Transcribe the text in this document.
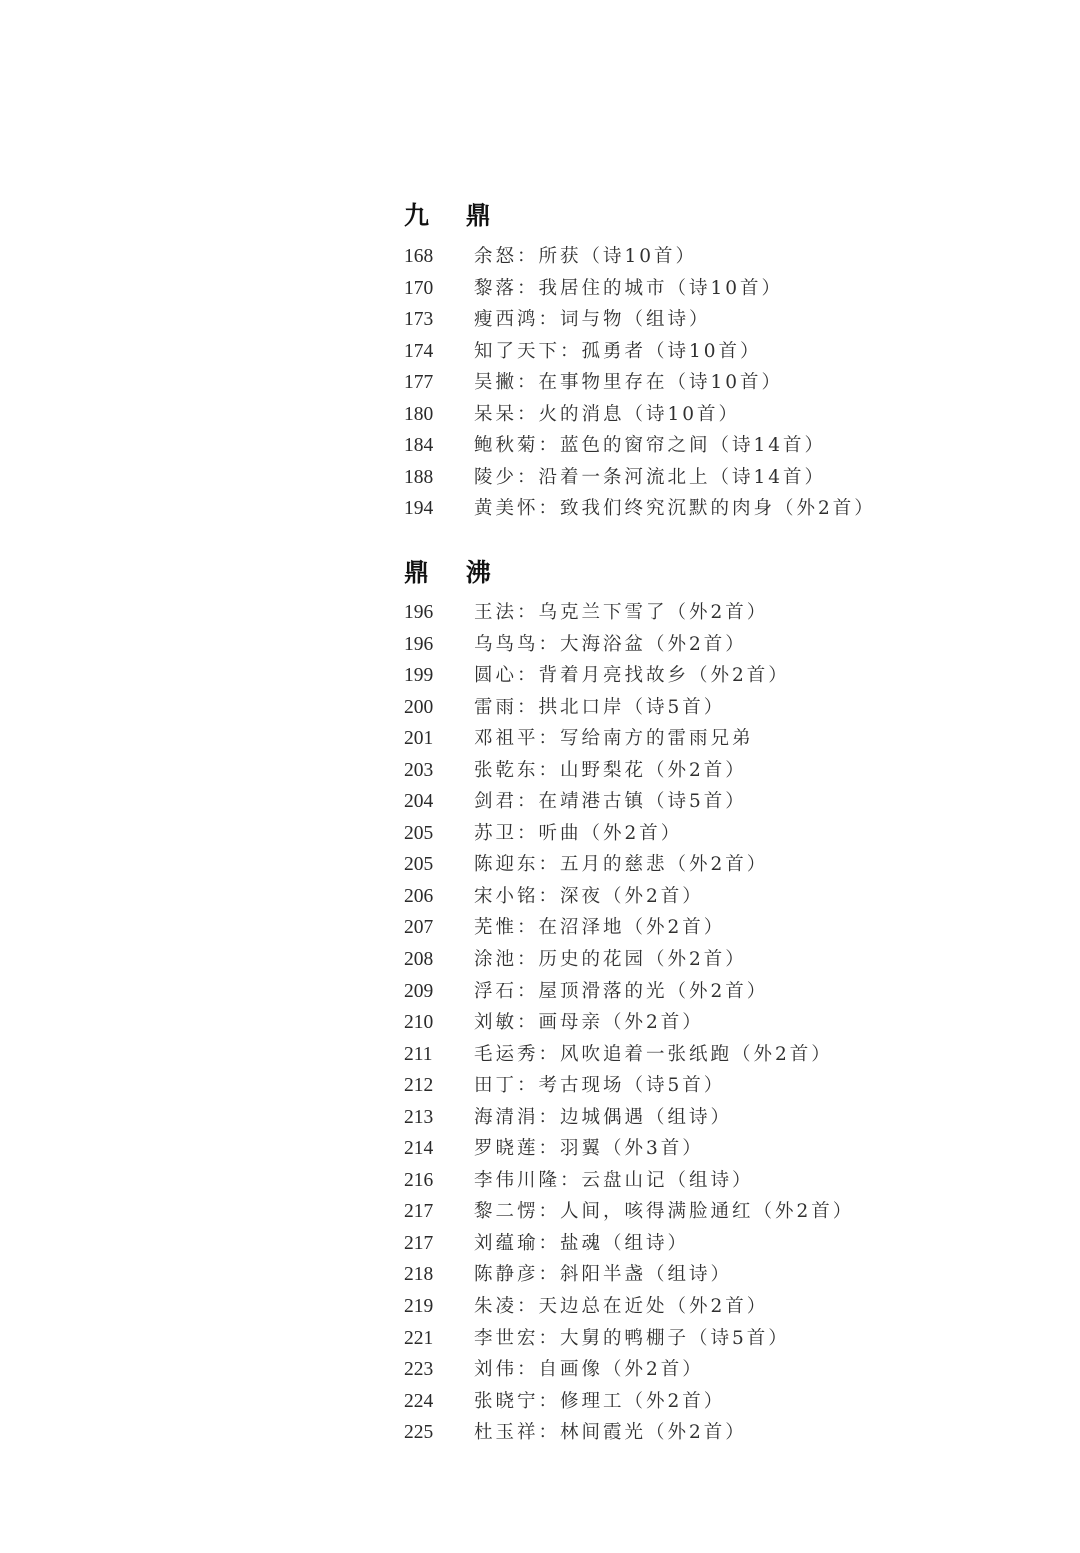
九 鼎
168	余怒：所获（诗10首）
170	黎落：我居住的城市（诗10首）
173	瘦西鸿：词与物（组诗）
174	知了天下：孤勇者（诗10首）
177	吴撇：在事物里存在（诗10首）
180	呆呆：火的消息（诗10首）
184	鲍秋菊：蓝色的窗帘之间（诗14首）
188	陵少：沿着一条河流北上（诗14首）
194	黄美怀：致我们终究沉默的肉身（外2首）
鼎 沸
196	王法：乌克兰下雪了（外2首）
196	乌鸟鸟：大海浴盆（外2首）
199	圆心：背着月亮找故乡（外2首）
200	雷雨：拱北口岸（诗5首）
201	邓祖平：写给南方的雷雨兄弟
203	张乾东：山野梨花（外2首）
204	剑君：在靖港古镇（诗5首）
205	苏卫：听曲（外2首）
205	陈迎东：五月的慈悲（外2首）
206	宋小铭：深夜（外2首）
207	芜惟：在沼泽地（外2首）
208	涂池：历史的花园（外2首）
209	浮石：屋顶滑落的光（外2首）
210	刘敏：画母亲（外2首）
211	毛运秀：风吹追着一张纸跑（外2首）
212	田丁：考古现场（诗5首）
213	海清涓：边城偶遇（组诗）
214	罗晓莲：羽翼（外3首）
216	李伟川隆：云盘山记（组诗）
217	黎二愣：人间，咳得满脸通红（外2首）
217	刘蕴瑜：盐魂（组诗）
218	陈静彦：斜阳半盏（组诗）
219	朱凌：天边总在近处（外2首）
221	李世宏：大舅的鸭棚子（诗5首）
223	刘伟：自画像（外2首）
224	张晓宁：修理工（外2首）
225	杜玉祥：林间霞光（外2首）
